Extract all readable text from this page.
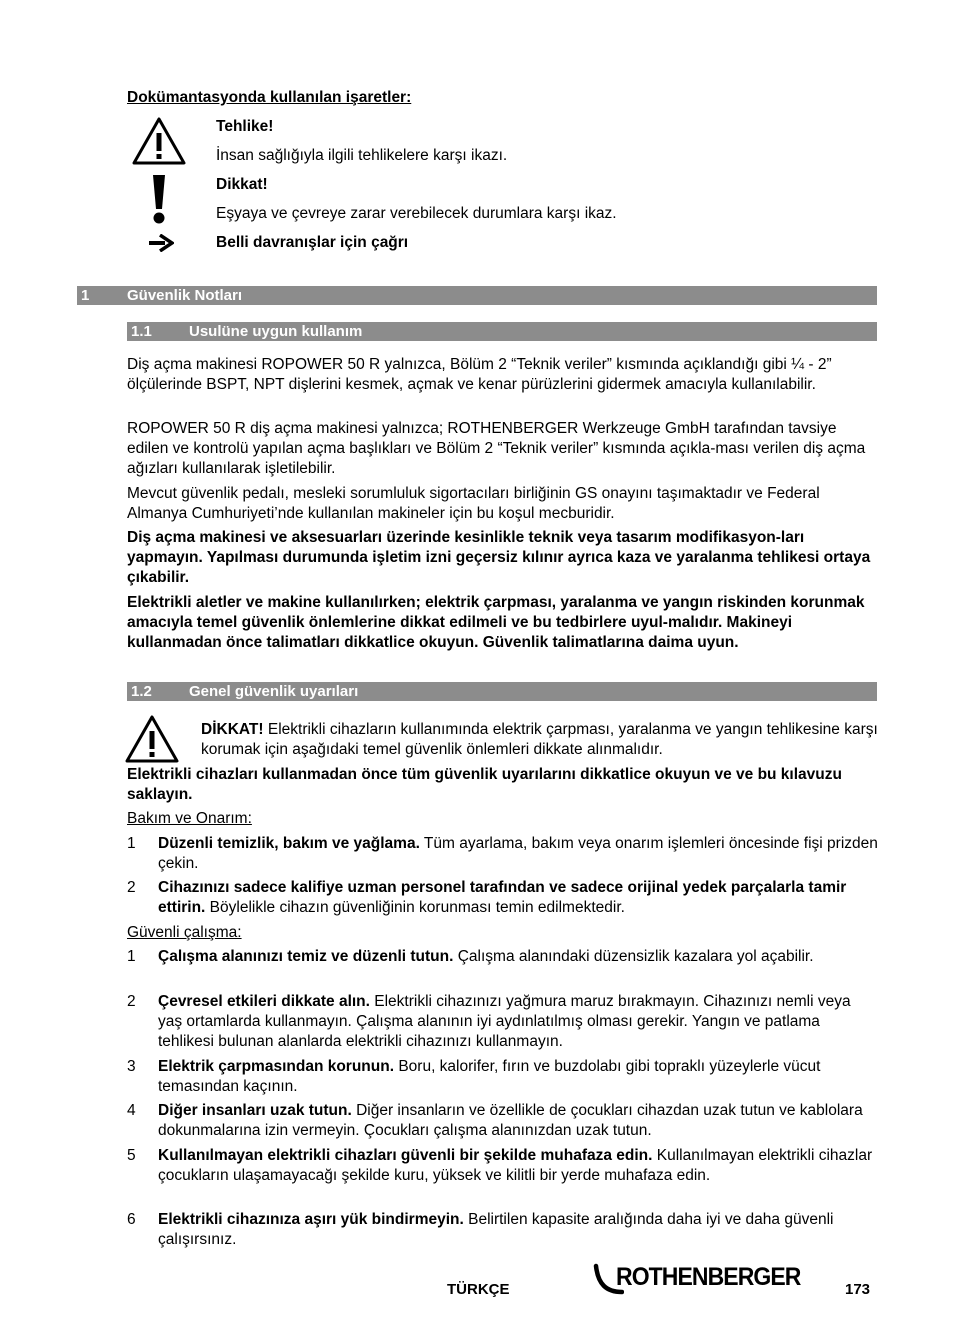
Dokümantasyonda kullanılan işaretler:
Tehlike!
İnsan sağlığıyla ilgili tehlikelere karşı ikazı.
Dikkat!
Eşyaya ve çevreye zarar verebilecek durumlara karşı ikaz.
Belli davranışlar için çağrı
1	Güvenlik Notları
1.1 Usulüne uygun kullanım

Diş açma makinesi ROPOWER 50 R yalnızca, Bölüm 2 “Teknik veriler” kısmında açıklandığı gibi ¼ - 2” ölçülerinde BSPT, NPT dişlerini kesmek, açmak ve kenar pürüzlerini gidermek amacıyla kullanılabilir.

ROPOWER 50 R diş açma makinesi yalnızca; ROTHENBERGER Werkzeuge GmbH tarafından tavsiye edilen ve kontrolü yapılan açma başlıkları ve Bölüm 2 “Teknik veriler” kısmında açıkla-ması verilen diş açma ağızları kullanılarak işletilebilir.

Mevcut güvenlik pedalı, mesleki sorumluluk sigortacıları birliğinin GS onayını taşımaktadır ve Federal Almanya Cumhuriyeti’nde kullanılan makineler için bu koşul mecburidir.

Diş açma makinesi ve aksesuarları üzerinde kesinlikle teknik veya tasarım modifikasyon-ları yapmayın. Yapılması durumunda işletim izni geçersiz kılınır ayrıca kaza ve yaralanma tehlikesi ortaya çıkabilir.

Elektrikli aletler ve makine kullanılırken; elektrik çarpması, yaralanma ve yangın riskinden korunmak amacıyla temel güvenlik önlemlerine dikkat edilmeli ve bu tedbirlere uyul-malıdır. Makineyi kullanmadan önce talimatları dikkatlice okuyun. Güvenlik talimatlarına daima uyun.

1.2 Genel güvenlik uyarıları

DİKKAT! Elektrikli cihazların kullanımında elektrik çarpması, yaralanma ve yangın tehlikesine karşı korumak için aşağıdaki temel güvenlik önlemleri dikkate alınmalıdır.

Elektrikli cihazları kullanmadan önce tüm güvenlik uyarılarını dikkatlice okuyun ve ve bu kılavuzu saklayın.

Bakım ve Onarım:
1 Düzenli temizlik, bakım ve yağlama. Tüm ayarlama, bakım veya onarım işlemleri öncesinde fişi prizden çekin.
2 Cihazınızı sadece kalifiye uzman personel tarafından ve sadece orijinal yedek parçalarla tamir ettirin. Böylelikle cihazın güvenliğinin korunması temin edilmektedir.
Güvenli çalışma:
1 Çalışma alanınızı temiz ve düzenli tutun. Çalışma alanındaki düzensizlik kazalara yol açabilir.
2 Çevresel etkileri dikkate alın. Elektrikli cihazınızı yağmura maruz bırakmayın. Cihazınızı nemli veya yaş ortamlarda kullanmayın. Çalışma alanının iyi aydınlatılmış olması gerekir. Yangın ve patlama tehlikesi bulunan alanlarda elektrikli cihazınızı kullanmayın.
3 Elektrik çarpmasından korunun. Boru, kalorifer, fırın ve buzdolabı gibi topraklı yüzeylerle vücut temasından kaçının.
4 Diğer insanları uzak tutun. Diğer insanların ve özellikle de çocukları cihazdan uzak tutun ve kablolara dokunmalarına izin vermeyin. Çocukları çalışma alanınızdan uzak tutun.
5 Kullanılmayan elektrikli cihazları güvenli bir şekilde muhafaza edin. Kullanılmayan elektrikli cihazlar çocukların ulaşamayacağı şekilde kuru, yüksek ve kilitli bir yerde muhafaza edin.
6 Elektrikli cihazınıza aşırı yük bindirmeyin. Belirtilen kapasite aralığında daha iyi ve daha güvenli çalışırsınız.
TÜRKÇE	ROTHENBERGER	173
